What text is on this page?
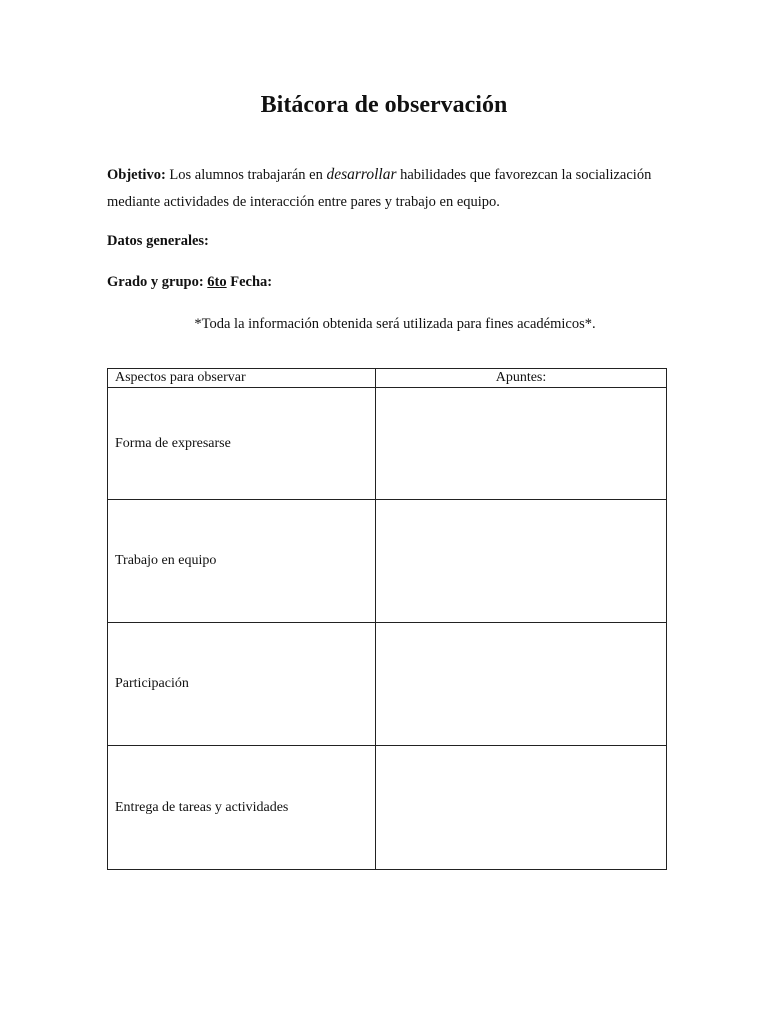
Bitácora de observación

Objetivo: Los alumnos trabajarán en desarrollar habilidades que favorezcan la socialización mediante actividades de interacción entre pares y trabajo en equipo.

Datos generales:

Grado y grupo: 6to Fecha:

*Toda la información obtenida será utilizada para fines académicos*.

Aspectos para observar	Apuntes:
Forma de expresarse	
Trabajo en equipo	
Participación	
Entrega de tareas y actividades	
